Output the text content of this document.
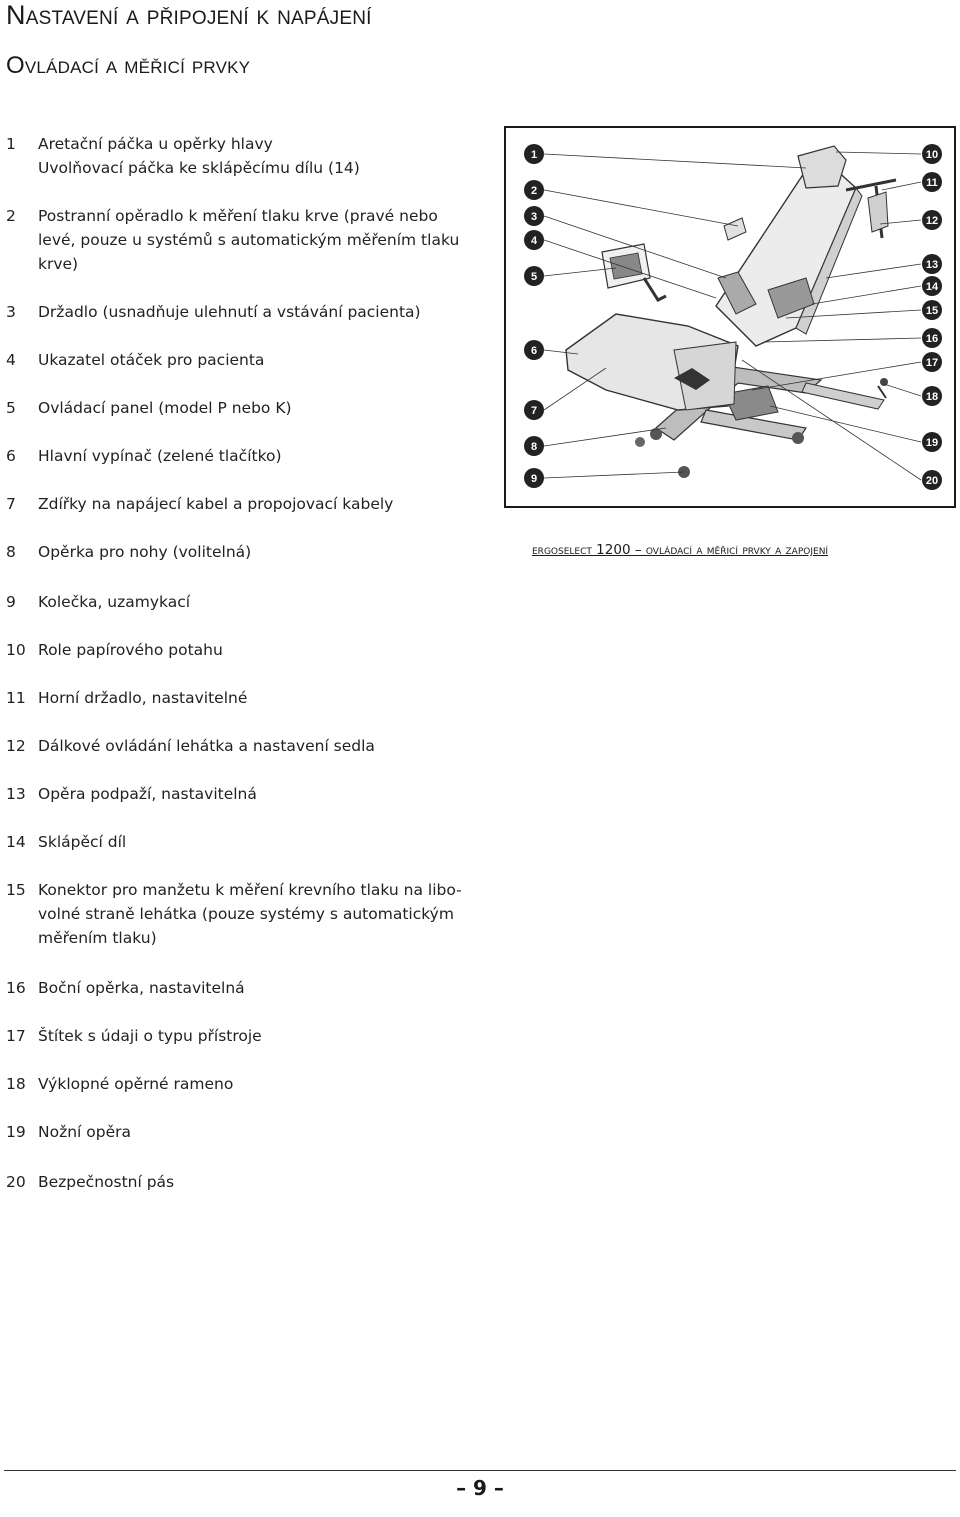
Nastavení a připojení k napájení
Ovládací a měřicí prvky
1 Aretační páčka u opěrky hlavy
Uvolňovací páčka ke sklápěcímu dílu (14)
2 Postranní opěradlo k měření tlaku krve (pravé nebo
levé, pouze u systémů s automatickým měřením tlaku
krve)
3 Držadlo (usnadňuje ulehnutí a vstávání pacienta)
4 Ukazatel otáček pro pacienta
5 Ovládací panel (model P nebo K)
6 Hlavní vypínač (zelené tlačítko)
7 Zdířky na napájecí kabel a propojovací kabely
8 Opěrka pro nohy (volitelná)
9 Kolečka, uzamykací
10 Role papírového potahu
11 Horní držadlo, nastavitelné
12 Dálkové ovládání lehátka a nastavení sedla
13 Opěra podpaží, nastavitelná
14 Sklápěcí díl
15 Konektor pro manžetu k měření krevního tlaku na libo-
volné straně lehátka (pouze systémy s automatickým
měřením tlaku)
16 Boční opěrka, nastavitelná
17 Štítek s údaji o typu přístroje
18 Výklopné opěrné rameno
19 Nožní opěra
20 Bezpečnostní pás
1
2
3
4
5
6
7
8
9
10
11
12
13
14
15
16
17
18
19
20
ergoselect 1200 – ovládací a měřicí prvky a zapojení
– 9 –
